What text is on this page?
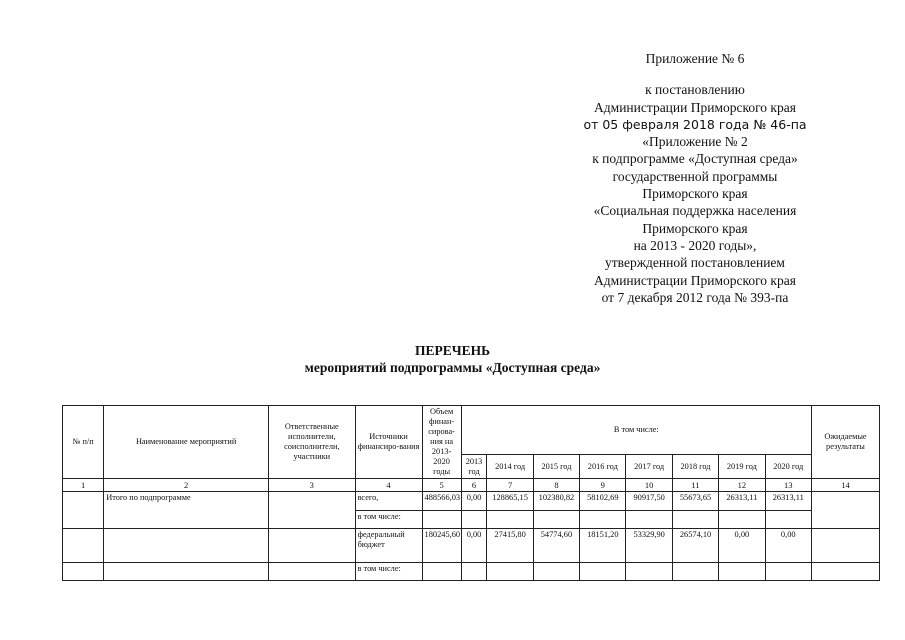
Приложение № 6
к постановлению
Администрации Приморского края
от 05 февраля 2018 года № 46-па
«Приложение № 2
к подпрограмме «Доступная среда»
государственной программы
Приморского края
«Социальная поддержка населения
Приморского края
на 2013 - 2020 годы»,
утвержденной постановлением
Администрации Приморского края
от 7 декабря 2012 года № 393-па
ПЕРЕЧЕНЬ
мероприятий подпрограммы «Доступная среда»
№ п/п	Наименование мероприятий	Ответственные исполнители, соисполнители, участники	Источники финансиро-вания	Объем финан-сирова-ния на 2013-2020 годы	В том числе:								Ожидаемые результаты
					2013 год	2014 год	2015 год	2016 год	2017 год	2018 год	2019 год	2020 год	
1	2	3	4	5	6	7	8	9	10	11	12	13	14
	Итого по подпрограмме		всего,	488566,03	0,00	128865,15	102380,82	58102,69	90917,50	55673,65	26313,11	26313,11	
			в том числе:										
			федеральный бюджет	180245,60	0,00	27415,80	54774,60	18151,20	53329,90	26574,10	0,00	0,00	
			в том числе:										
